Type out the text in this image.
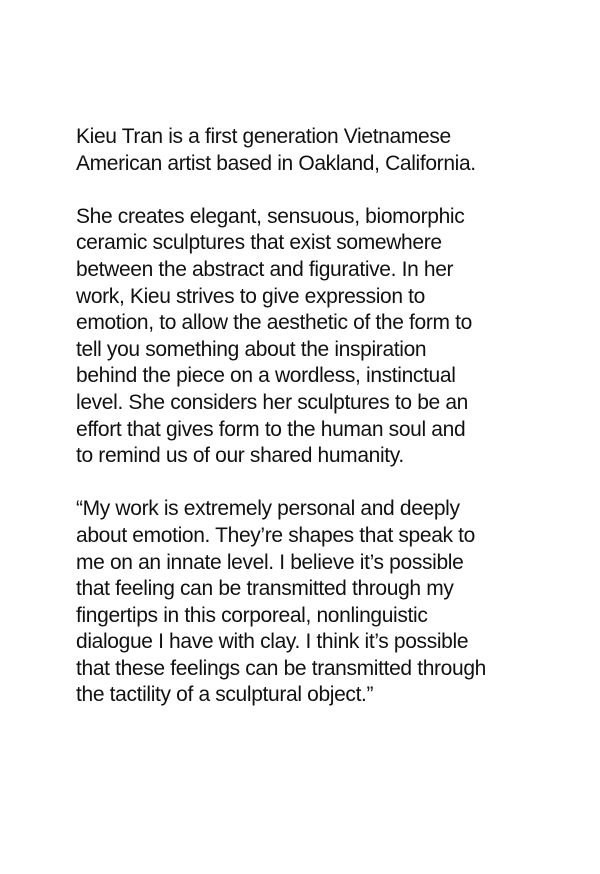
Kieu Tran is a first generation Vietnamese
American artist based in Oakland, California.

She creates elegant, sensuous, biomorphic
ceramic sculptures that exist somewhere
between the abstract and figurative. In her
work, Kieu strives to give expression to
emotion, to allow the aesthetic of the form to
tell you something about the inspiration
behind the piece on a wordless, instinctual
level. She considers her sculptures to be an
effort that gives form to the human soul and
to remind us of our shared humanity.

“My work is extremely personal and deeply
about emotion. They’re shapes that speak to
me on an innate level. I believe it’s possible
that feeling can be transmitted through my
fingertips in this corporeal, nonlinguistic
dialogue I have with clay. I think it’s possible
that these feelings can be transmitted through
the tactility of a sculptural object.”
